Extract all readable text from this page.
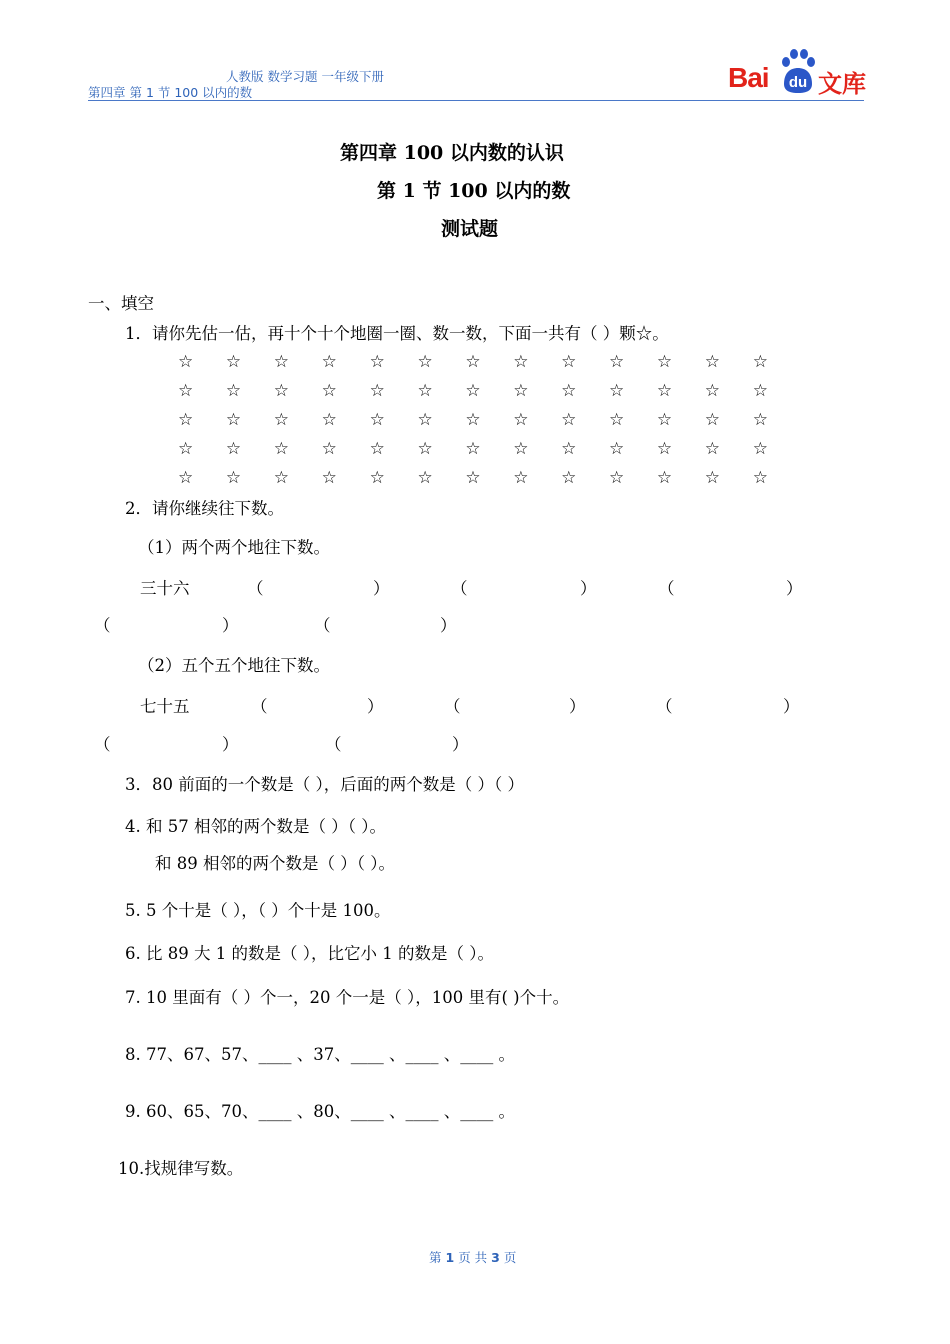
人教版 数学习题 一年级下册
第四章 第 1 节 100 以内的数	Bai du 文库
第四章 100 以内数的认识
第 1 节 100 以内的数
测试题
一、填空
1．请你先估一估，再十个十个地圈一圈、数一数，下面一共有（ ）颗☆。
☆ ☆ ☆ ☆ ☆ ☆ ☆ ☆ ☆ ☆ ☆ ☆ ☆
☆ ☆ ☆ ☆ ☆ ☆ ☆ ☆ ☆ ☆ ☆ ☆ ☆
☆ ☆ ☆ ☆ ☆ ☆ ☆ ☆ ☆ ☆ ☆ ☆ ☆
☆ ☆ ☆ ☆ ☆ ☆ ☆ ☆ ☆ ☆ ☆ ☆ ☆
☆ ☆ ☆ ☆ ☆ ☆ ☆ ☆ ☆ ☆ ☆ ☆ ☆
2．请你继续往下数。
（1）两个两个地往下数。
三十六	（	）	（	）	（	）
（	）	（	）
（2）五个五个地往下数。
七十五	（	）	（	）	（	）
（	）	（	）
3．80 前面的一个数是（ ），后面的两个数是（ ）（ ）
4. 和 57 相邻的两个数是（ ）（ ）。
和 89 相邻的两个数是（ ）（ ）。
5. 5 个十是（ ），（ ）个十是 100。
6. 比 89 大 1 的数是（ ），比它小 1 的数是（ ）。
7. 10 里面有（ ）个一，20 个一是（ ），100 里有( )个十。
8. 77、67、57、____ 、37、____ 、____ 、____ 。
9. 60、65、70、____ 、80、____ 、____ 、____ 。
10.找规律写数。
第 1 页 共 3 页
